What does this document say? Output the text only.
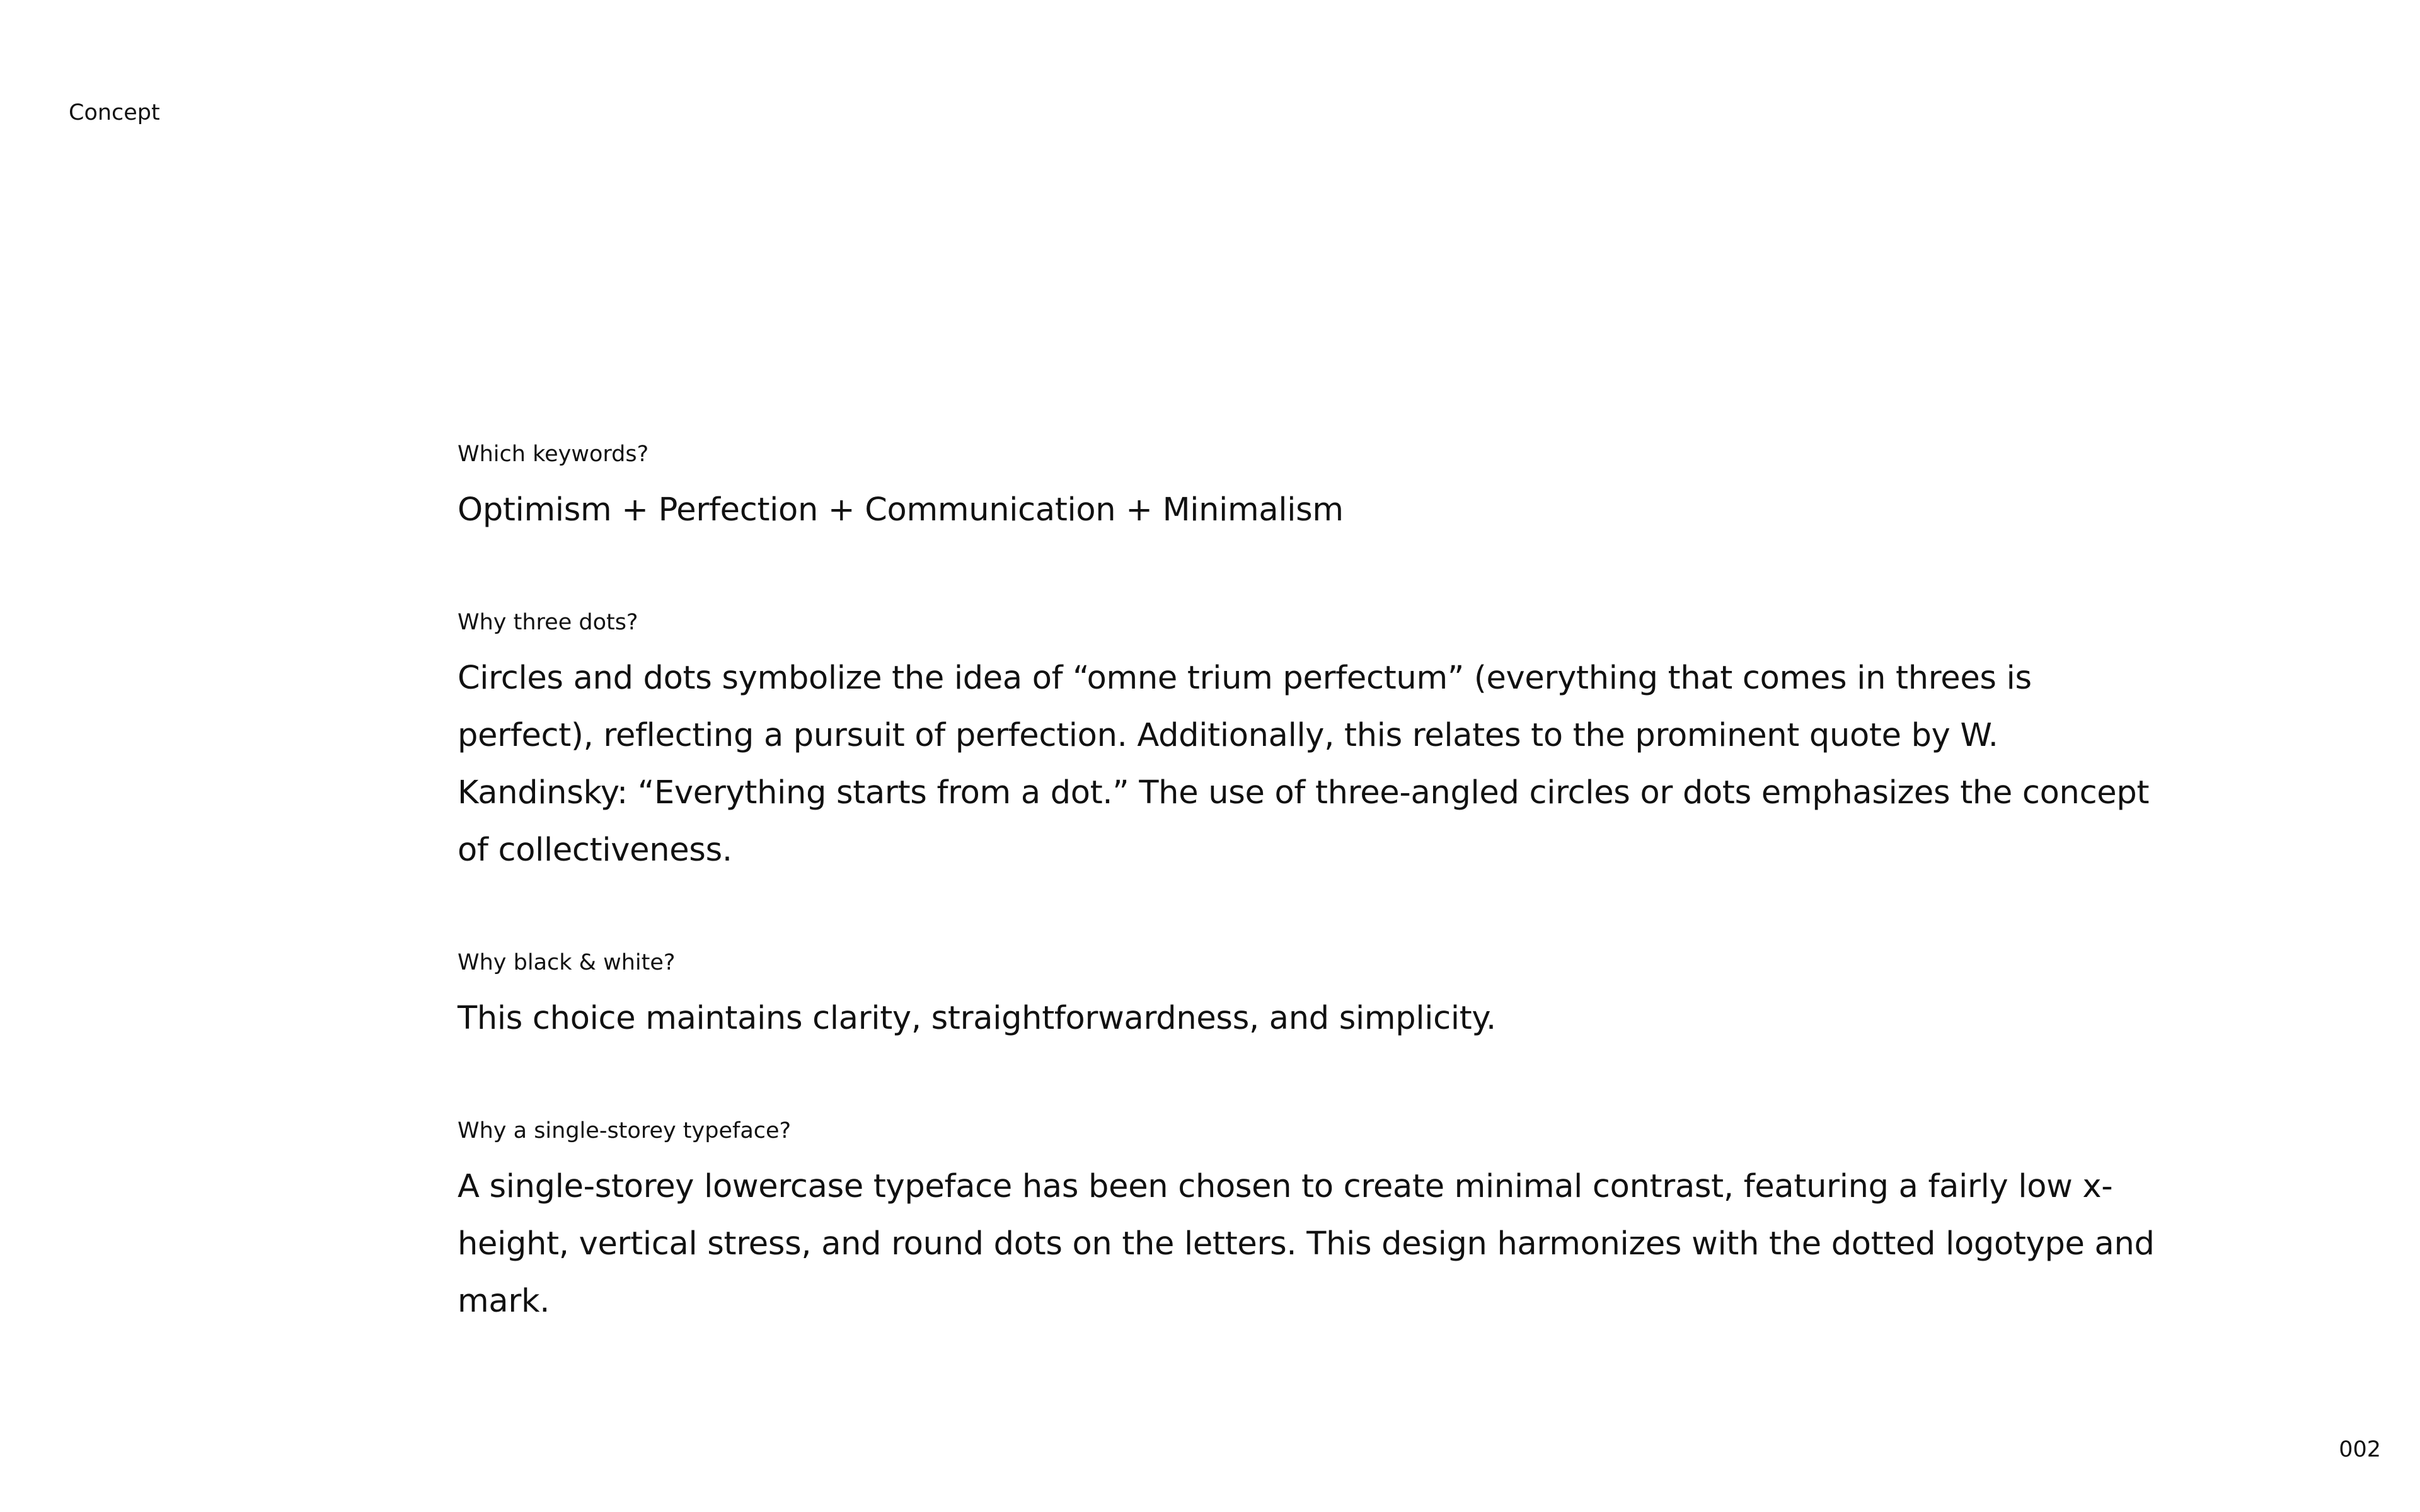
Concept

Which keywords?

Optimism + Perfection + Communication + Minimalism

Why three dots?

Circles and dots symbolize the idea of “omne trium perfectum” (everything that comes in threes is perfect), reflecting a pursuit of perfection. Additionally, this relates to the prominent quote by W. Kandinsky: “Everything starts from a dot.” The use of three-angled circles or dots emphasizes the concept of collectiveness.

Why black & white?

This choice maintains clarity, straightforwardness, and simplicity.

Why a single-storey typeface?

A single-storey lowercase typeface has been chosen to create minimal contrast, featuring a fairly low x-height, vertical stress, and round dots on the letters. This design harmonizes with the dotted logotype and mark.

002
